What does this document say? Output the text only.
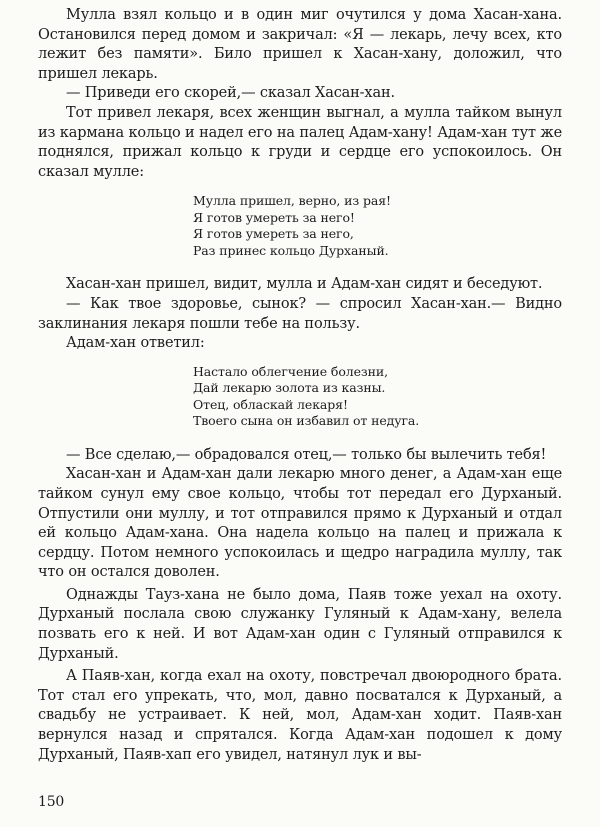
Мулла взял кольцо и в один миг очутился у дома Хасан-хана. Остановился перед домом и закричал: «Я — лекарь, лечу всех, кто лежит без памяти». Било пришел к Хасан-хану, доложил, что пришел лекарь.

— Приведи его скорей,— сказал Хасан-хан.

Тот привел лекаря, всех женщин выгнал, а мулла тайком вынул из кармана кольцо и надел его на палец Адам-хану! Адам-хан тут же поднялся, прижал кольцо к груди и сердце его успокоилось. Он сказал мулле:

Мулла пришел, верно, из рая!
Я готов умереть за него!
Я готов умереть за него,
Раз принес кольцо Дурханый.

Хасан-хан пришел, видит, мулла и Адам-хан сидят и беседуют.

— Как твое здоровье, сынок? — спросил Хасан-хан.— Видно заклинания лекаря пошли тебе на пользу.

Адам-хан ответил:

Настало облегчение болезни,
Дай лекарю золота из казны.
Отец, обласкай лекаря!
Твоего сына он избавил от недуга.

— Все сделаю,— обрадовался отец,— только бы вылечить тебя!

Хасан-хан и Адам-хан дали лекарю много денег, а Адам-хан еще тайком сунул ему свое кольцо, чтобы тот передал его Дурханый. Отпустили они муллу, и тот отправился прямо к Дурханый и отдал ей кольцо Адам-хана. Она надела кольцо на палец и прижала к сердцу. Потом немного успокоилась и щедро наградила муллу, так что он остался доволен.

Однажды Тауз-хана не было дома, Паяв тоже уехал на охоту. Дурханый послала свою служанку Гуляный к Адам-хану, велела позвать его к ней. И вот Адам-хан один с Гуляный отправился к Дурханый.

А Паяв-хан, когда ехал на охоту, повстречал двоюродного брата. Тот стал его упрекать, что, мол, давно посватался к Дурханый, а свадьбу не устраивает. К ней, мол, Адам-хан ходит. Паяв-хан вернулся назад и спрятался. Когда Адам-хан подошел к дому Дурханый, Паяв-хап его увидел, натянул лук и вы-

150
